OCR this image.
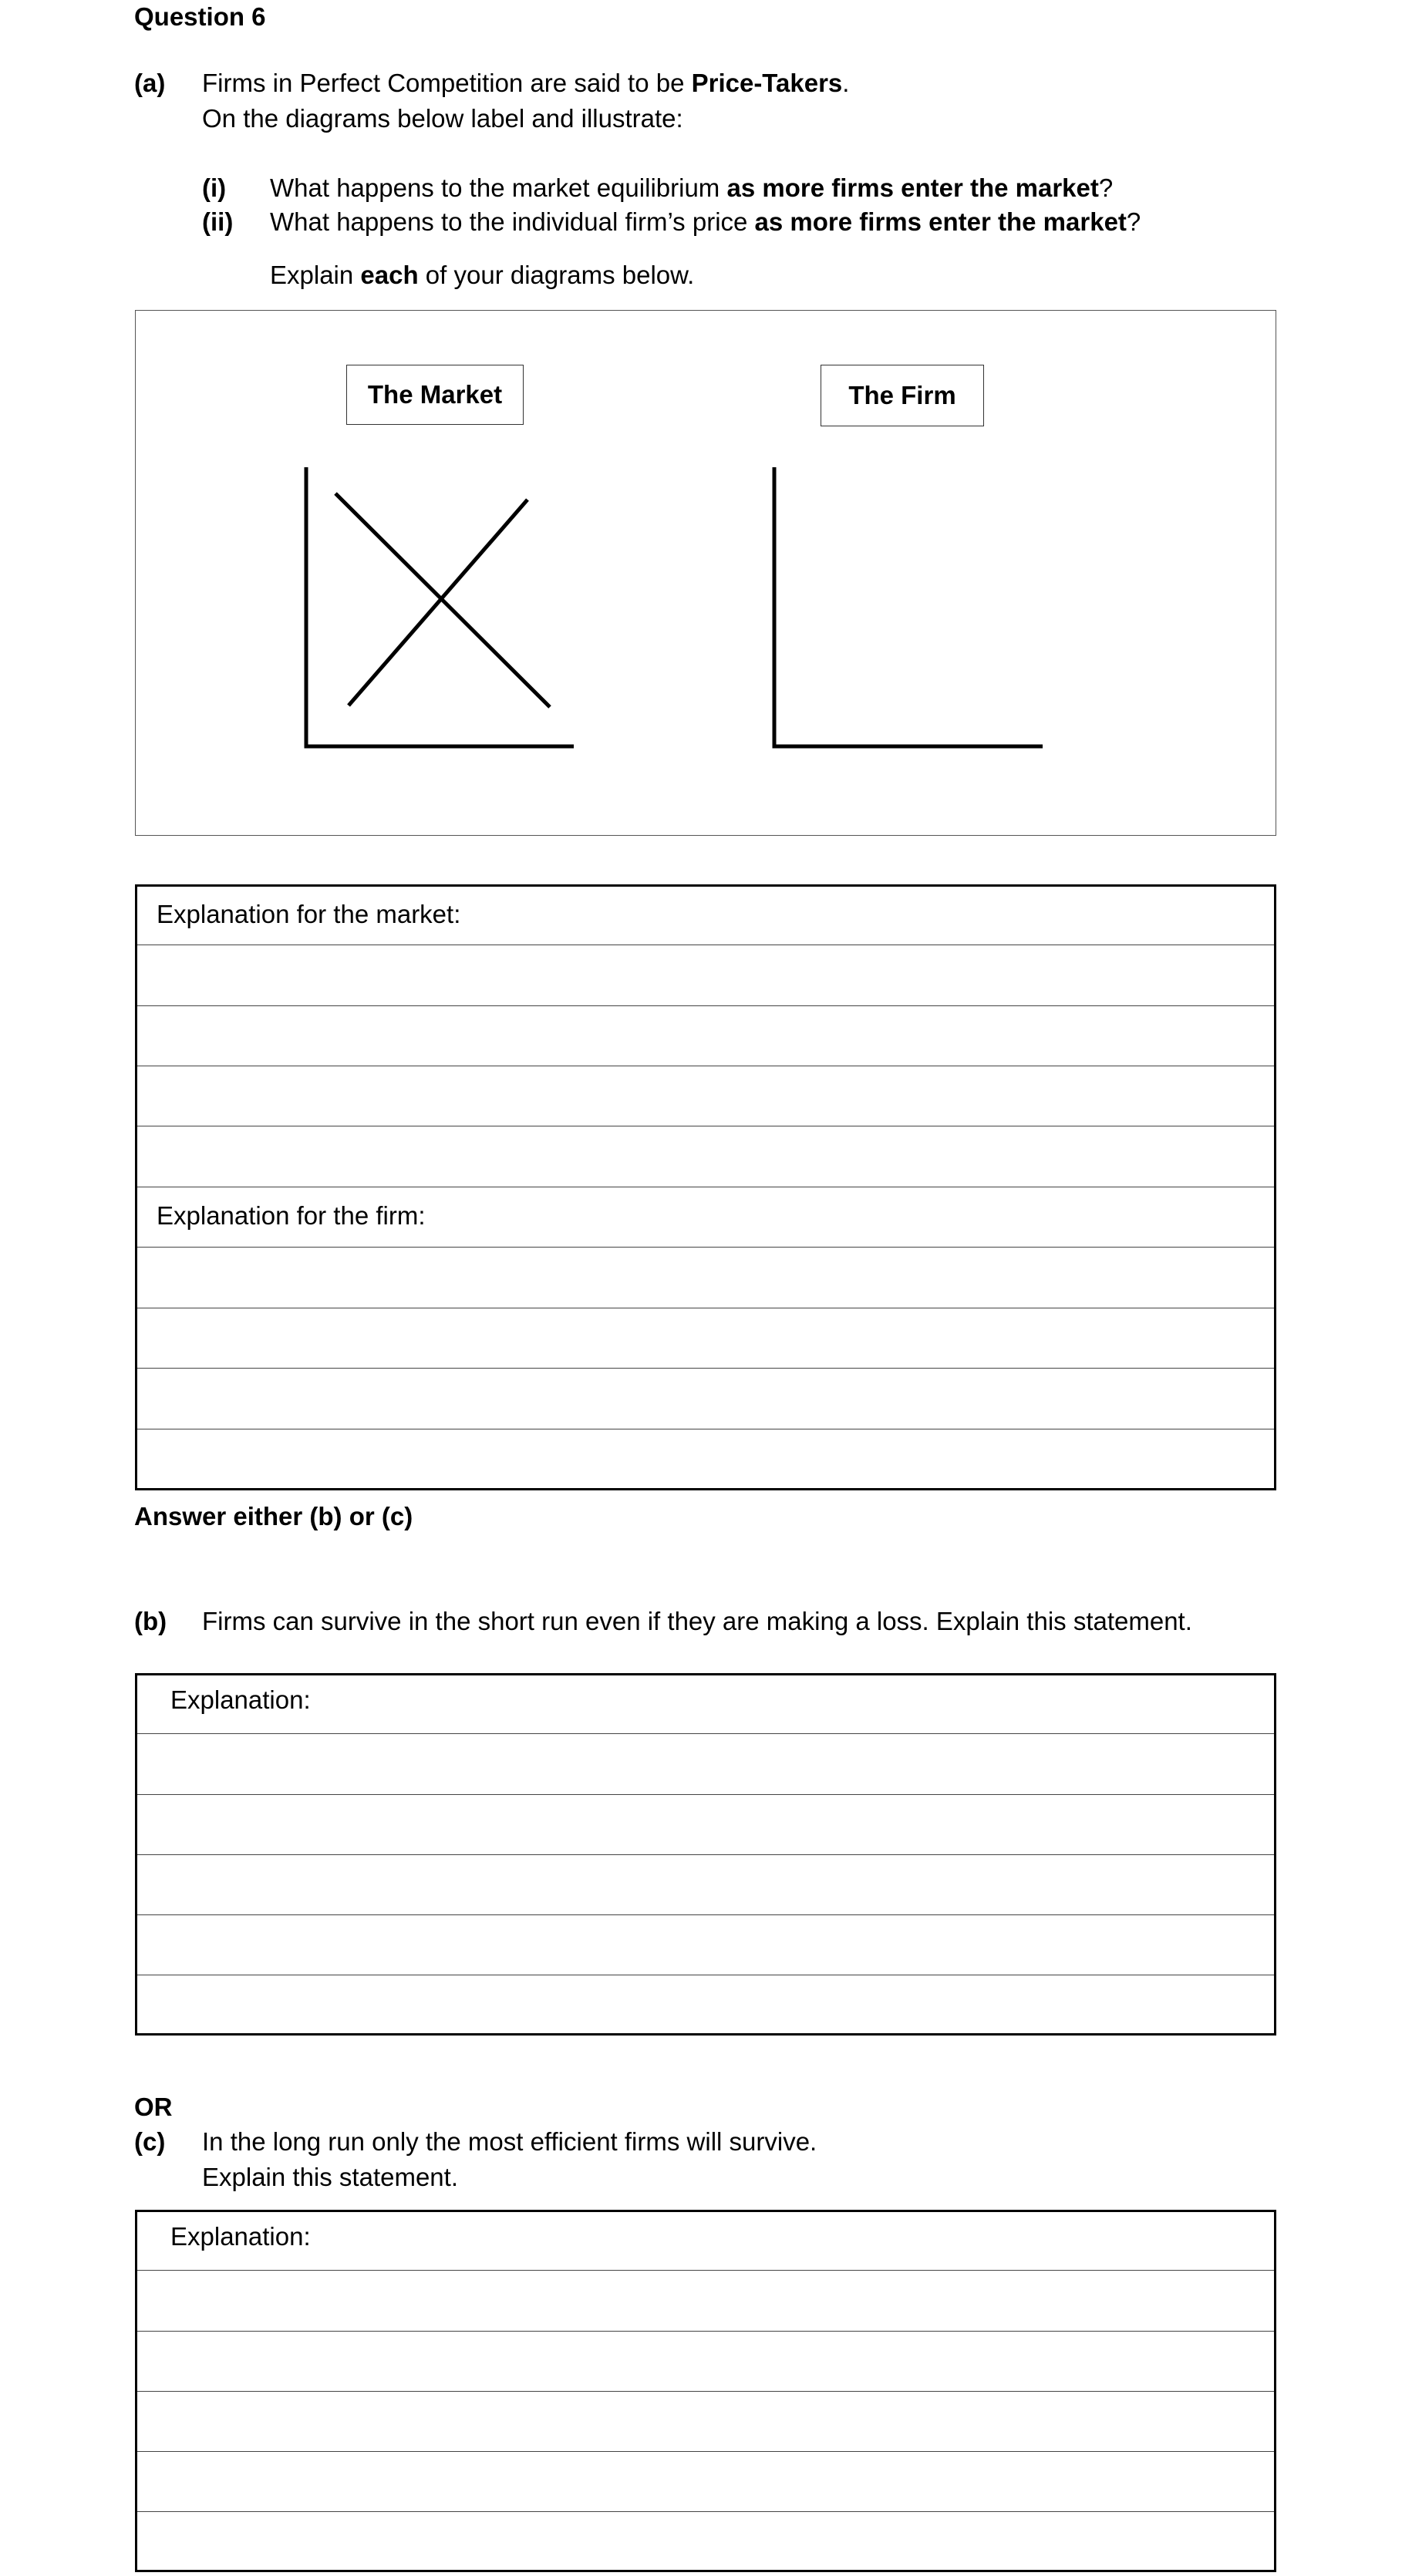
Question 6
(a) Firms in Perfect Competition are said to be Price-Takers.
On the diagrams below label and illustrate:
(i) What happens to the market equilibrium as more firms enter the market?
(ii) What happens to the individual firm’s price as more firms enter the market?
Explain each of your diagrams below.
The Market	The Firm
Explanation for the market:
Explanation for the firm:
Answer either (b) or (c)
(b) Firms can survive in the short run even if they are making a loss. Explain this statement.
Explanation:
OR
(c) In the long run only the most efficient firms will survive.
Explain this statement.
Explanation:
